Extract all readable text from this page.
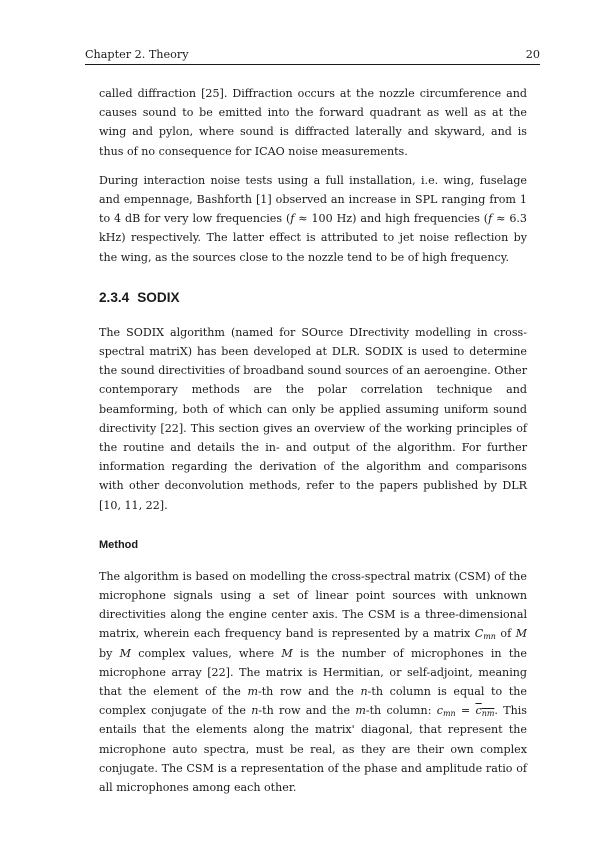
Chapter 2. Theory	20

called diffraction [25]. Diffraction occurs at the nozzle circumference and causes sound to be emitted into the forward quadrant as well as at the wing and pylon, where sound is diffracted laterally and skyward, and is thus of no consequence for ICAO noise measurements.

During interaction noise tests using a full installation, i.e. wing, fuselage and empennage, Bashforth [1] observed an increase in SPL ranging from 1 to 4 dB for very low frequencies (f ≈ 100 Hz) and high frequencies (f ≈ 6.3 kHz) respectively. The latter effect is attributed to jet noise reflection by the wing, as the sources close to the nozzle tend to be of high frequency.

2.3.4 SODIX

The SODIX algorithm (named for SOurce DIrectivity modelling in cross-spectral matriX) has been developed at DLR. SODIX is used to determine the sound directivities of broadband sound sources of an aeroengine. Other contemporary methods are the polar correlation technique and beamforming, both of which can only be applied assuming uniform sound directivity [22]. This section gives an overview of the working principles of the routine and details the in- and output of the algorithm. For further information regarding the derivation of the algorithm and comparisons with other deconvolution methods, refer to the papers published by DLR [10, 11, 22].

Method

The algorithm is based on modelling the cross-spectral matrix (CSM) of the microphone signals using a set of linear point sources with unknown directivities along the engine center axis. The CSM is a three-dimensional matrix, wherein each frequency band is represented by a matrix $C_{mn}$ of M by M complex values, where M is the number of microphones in the microphone array [22]. The matrix is Hermitian, or self-adjoint, meaning that the element of the m-th row and the n-th column is equal to the complex conjugate of the n-th row and the m-th column: $c_{mn} = c_{nm}$. This entails that the elements along the matrix' diagonal, that represent the microphone auto spectra, must be real, as they are their own complex conjugate. The CSM is a representation of the phase and amplitude ratio of all microphones among each other.
